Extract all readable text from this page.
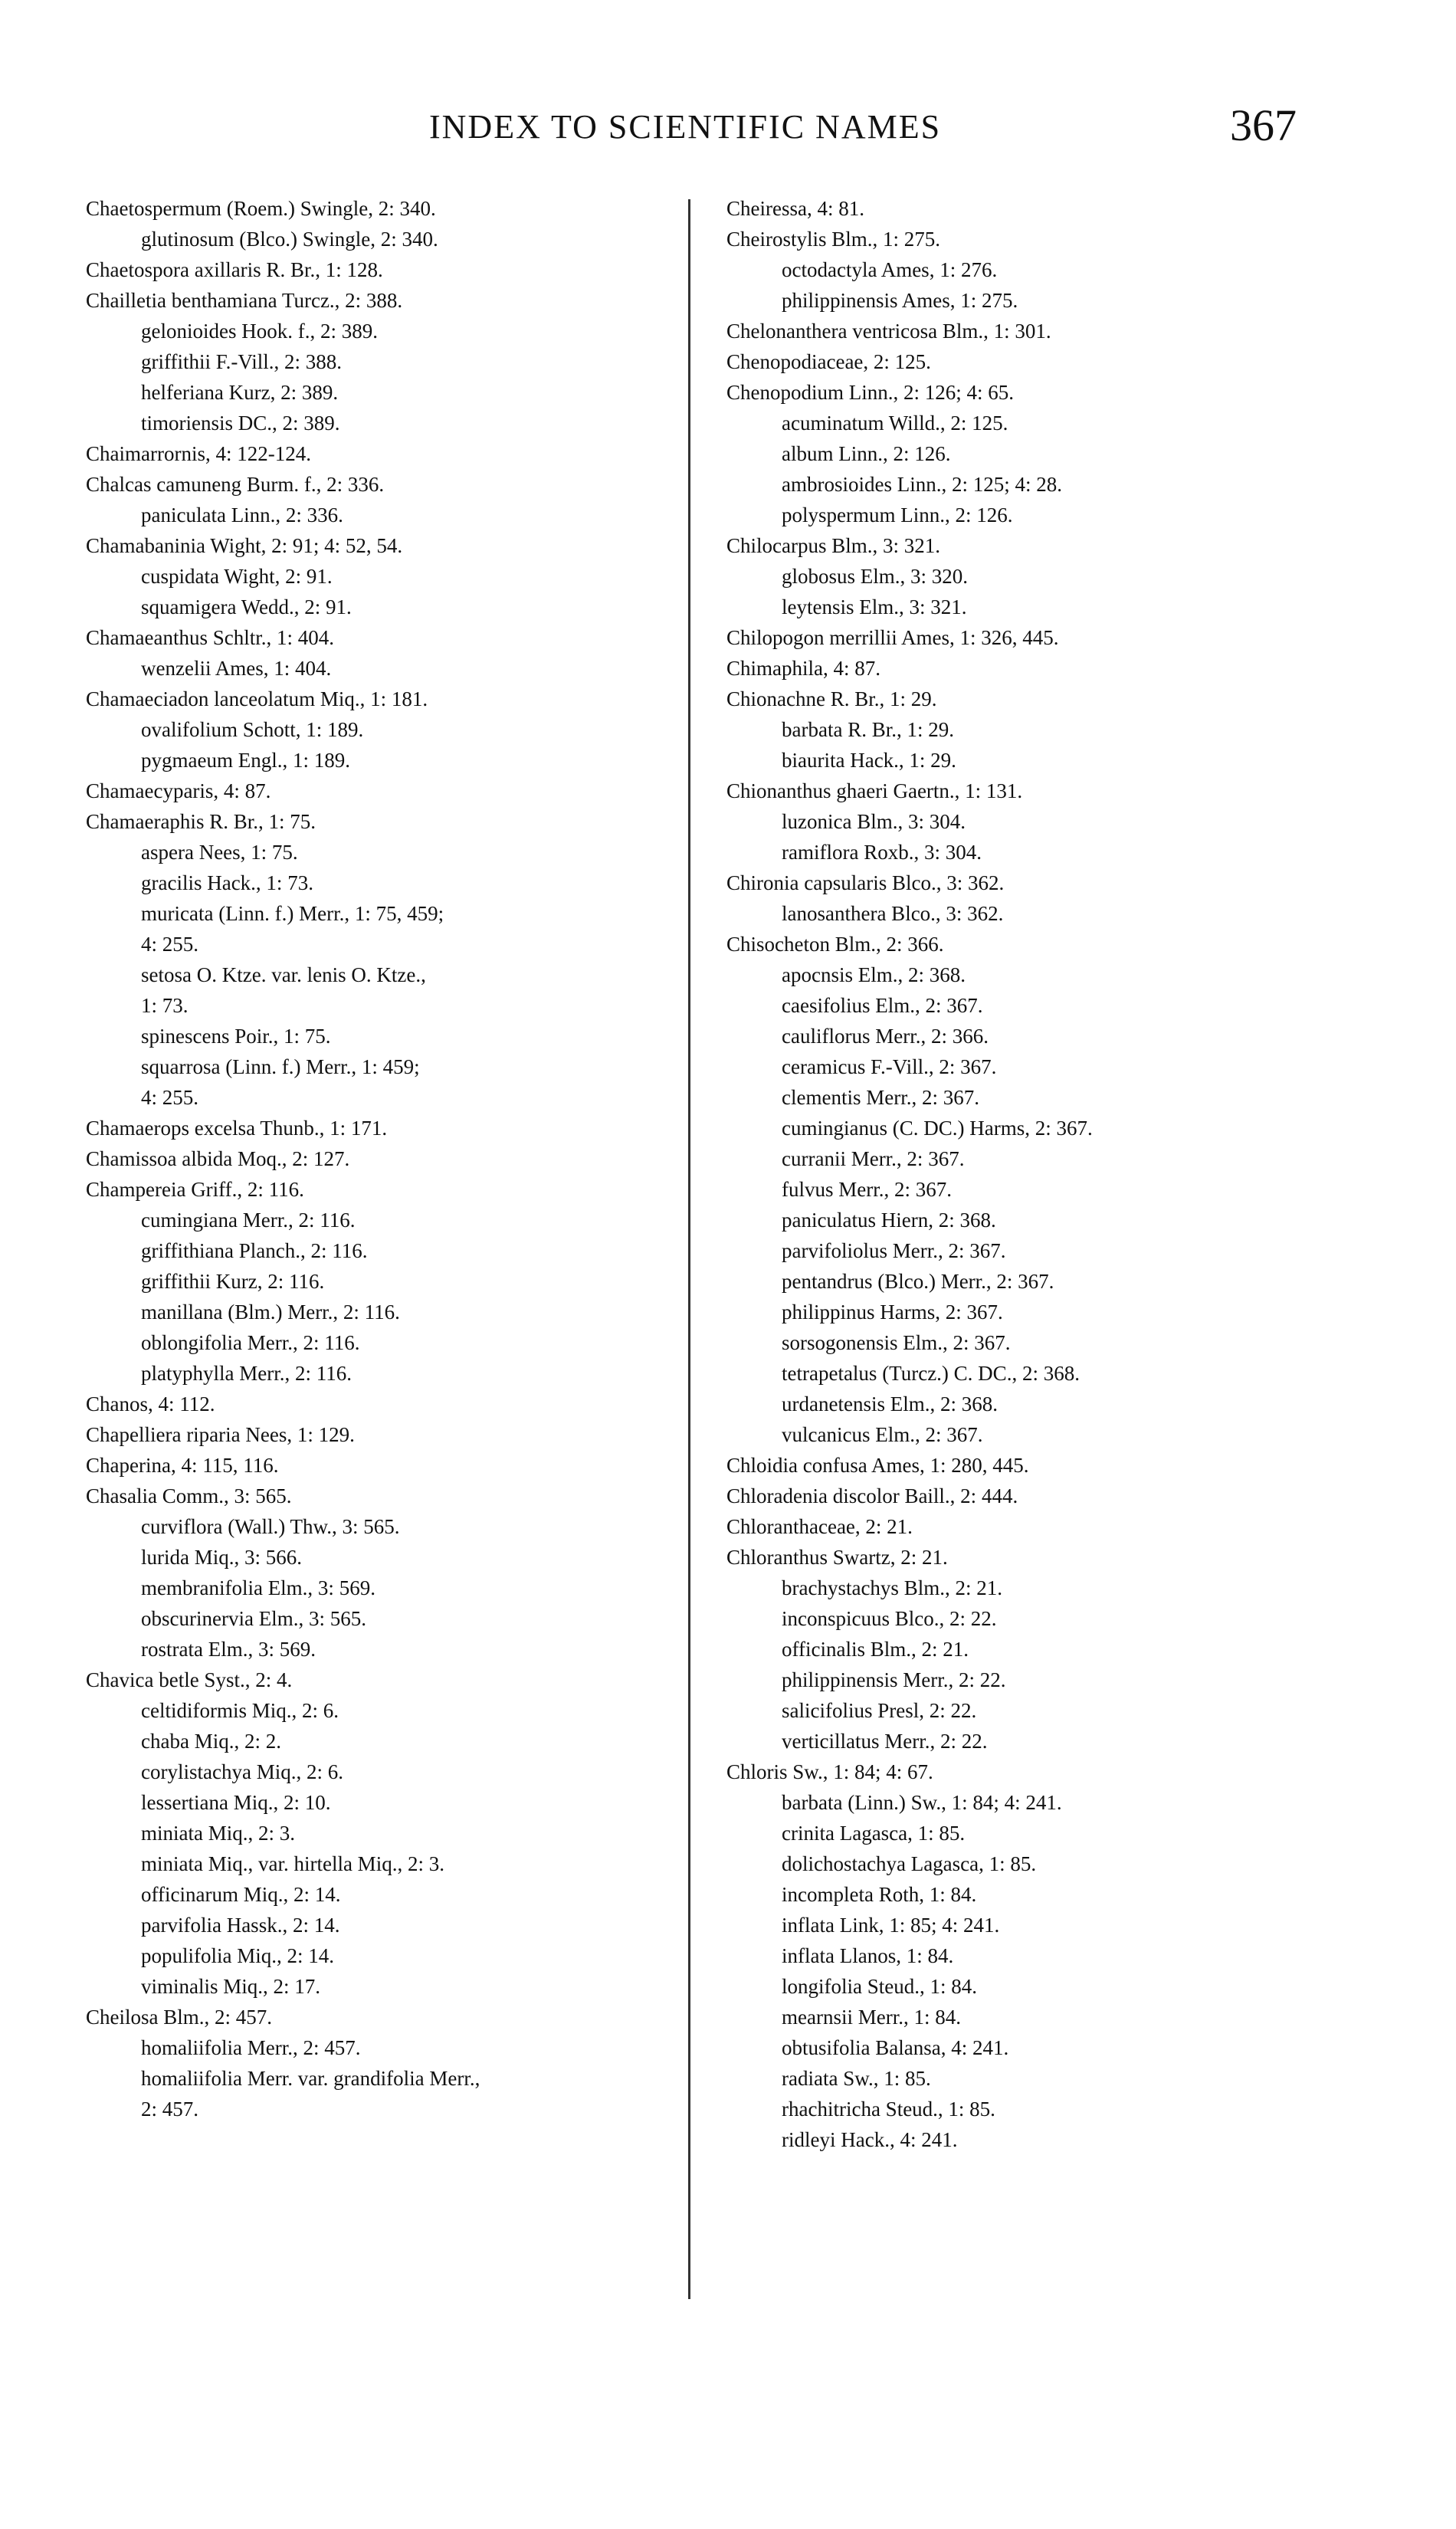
INDEX TO SCIENTIFIC NAMES	367
Chaetospermum (Roem.) Swingle, 2: 340.
glutinosum (Blco.) Swingle, 2: 340.
Chaetospora axillaris R. Br., 1: 128.
Chailletia benthamiana Turcz., 2: 388.
gelonioides Hook. f., 2: 389.
griffithii F.-Vill., 2: 388.
helferiana Kurz, 2: 389.
timoriensis DC., 2: 389.
Chaimarrornis, 4: 122-124.
Chalcas camuneng Burm. f., 2: 336.
paniculata Linn., 2: 336.
Chamabaninia Wight, 2: 91; 4: 52, 54.
cuspidata Wight, 2: 91.
squamigera Wedd., 2: 91.
Chamaeanthus Schltr., 1: 404.
wenzelii Ames, 1: 404.
Chamaeciadon lanceolatum Miq., 1: 181.
ovalifolium Schott, 1: 189.
pygmaeum Engl., 1: 189.
Chamaecyparis, 4: 87.
Chamaeraphis R. Br., 1: 75.
aspera Nees, 1: 75.
gracilis Hack., 1: 73.
muricata (Linn. f.) Merr., 1: 75, 459;
4: 255.
setosa O. Ktze. var. lenis O. Ktze.,
1: 73.
spinescens Poir., 1: 75.
squarrosa (Linn. f.) Merr., 1: 459;
4: 255.
Chamaerops excelsa Thunb., 1: 171.
Chamissoa albida Moq., 2: 127.
Champereia Griff., 2: 116.
cumingiana Merr., 2: 116.
griffithiana Planch., 2: 116.
griffithii Kurz, 2: 116.
manillana (Blm.) Merr., 2: 116.
oblongifolia Merr., 2: 116.
platyphylla Merr., 2: 116.
Chanos, 4: 112.
Chapelliera riparia Nees, 1: 129.
Chaperina, 4: 115, 116.
Chasalia Comm., 3: 565.
curviflora (Wall.) Thw., 3: 565.
lurida Miq., 3: 566.
membranifolia Elm., 3: 569.
obscurinervia Elm., 3: 565.
rostrata Elm., 3: 569.
Chavica betle Syst., 2: 4.
celtidiformis Miq., 2: 6.
chaba Miq., 2: 2.
corylistachya Miq., 2: 6.
lessertiana Miq., 2: 10.
miniata Miq., 2: 3.
miniata Miq., var. hirtella Miq., 2: 3.
officinarum Miq., 2: 14.
parvifolia Hassk., 2: 14.
populifolia Miq., 2: 14.
viminalis Miq., 2: 17.
Cheilosa Blm., 2: 457.
homaliifolia Merr., 2: 457.
homaliifolia Merr. var. grandifolia Merr.,
2: 457.
Cheiressa, 4: 81.
Cheirostylis Blm., 1: 275.
octodactyla Ames, 1: 276.
philippinensis Ames, 1: 275.
Chelonanthera ventricosa Blm., 1: 301.
Chenopodiaceae, 2: 125.
Chenopodium Linn., 2: 126; 4: 65.
acuminatum Willd., 2: 125.
album Linn., 2: 126.
ambrosioides Linn., 2: 125; 4: 28.
polyspermum Linn., 2: 126.
Chilocarpus Blm., 3: 321.
globosus Elm., 3: 320.
leytensis Elm., 3: 321.
Chilopogon merrillii Ames, 1: 326, 445.
Chimaphila, 4: 87.
Chionachne R. Br., 1: 29.
barbata R. Br., 1: 29.
biaurita Hack., 1: 29.
Chionanthus ghaeri Gaertn., 1: 131.
luzonica Blm., 3: 304.
ramiflora Roxb., 3: 304.
Chironia capsularis Blco., 3: 362.
lanosanthera Blco., 3: 362.
Chisocheton Blm., 2: 366.
apocnsis Elm., 2: 368.
caesifolius Elm., 2: 367.
cauliflorus Merr., 2: 366.
ceramicus F.-Vill., 2: 367.
clementis Merr., 2: 367.
cumingianus (C. DC.) Harms, 2: 367.
curranii Merr., 2: 367.
fulvus Merr., 2: 367.
paniculatus Hiern, 2: 368.
parvifoliolus Merr., 2: 367.
pentandrus (Blco.) Merr., 2: 367.
philippinus Harms, 2: 367.
sorsogonensis Elm., 2: 367.
tetrapetalus (Turcz.) C. DC., 2: 368.
urdanetensis Elm., 2: 368.
vulcanicus Elm., 2: 367.
Chloidia confusa Ames, 1: 280, 445.
Chloradenia discolor Baill., 2: 444.
Chloranthaceae, 2: 21.
Chloranthus Swartz, 2: 21.
brachystachys Blm., 2: 21.
inconspicuus Blco., 2: 22.
officinalis Blm., 2: 21.
philippinensis Merr., 2: 22.
salicifolius Presl, 2: 22.
verticillatus Merr., 2: 22.
Chloris Sw., 1: 84; 4: 67.
barbata (Linn.) Sw., 1: 84; 4: 241.
crinita Lagasca, 1: 85.
dolichostachya Lagasca, 1: 85.
incompleta Roth, 1: 84.
inflata Link, 1: 85; 4: 241.
inflata Llanos, 1: 84.
longifolia Steud., 1: 84.
mearnsii Merr., 1: 84.
obtusifolia Balansa, 4: 241.
radiata Sw., 1: 85.
rhachitricha Steud., 1: 85.
ridleyi Hack., 4: 241.
